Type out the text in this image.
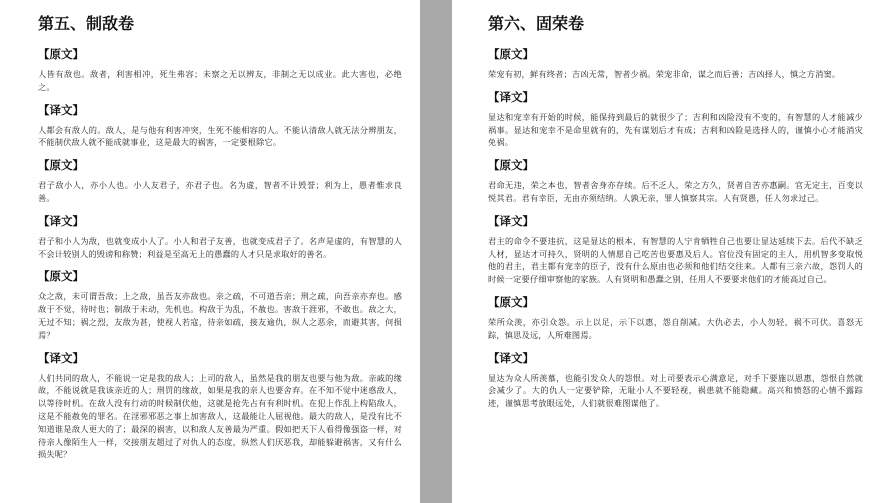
第五、制敌卷
【原文】
人皆有敌也。敌者，利害相冲，死生弗容；未察之无以辨友，非制之无以成业。此大害也，必绝之。
【译文】
人都会有敌人的。敌人，是与他有利害冲突，生死不能相容的人。不能认清敌人就无法分辨朋友，不能制伏敌人就不能成就事业，这是最大的祸害，一定要根除它。
【原文】
君子敌小人，亦小人也。小人友君子，亦君子也。名为虚，智者不计毁誉；利为上，愚者惟求良善。
【译文】
君子和小人为敌，也就变成小人了。小人和君子友善，也就变成君子了。名声是虚的，有智慧的人不会计较别人的毁谤和称赞；利益是至高无上的愚蠢的人才只是求取好的善名。
【原文】
众之敌，未可谓吾敌；上之敌，虽吾友亦敌也。亲之疏，不可道吾亲；刑之疏，向吾亲亦弃也。感敌于不觉，待时也；制敌于未动，先机也。构敌于为乱，不赦也。害敌于涯邪，不敢也。敌之大，无过不知；祸之烈，友敌为甚，使视人若寇，待亲如疏，接友逾仇，纵人之恶余，而避其害，何损焉？
【译文】
人们共同的敌人，不能说一定是我的敌人；上司的敌人，虽然是我的朋友也要与他为敌。亲戚的缘故，不能说就是我该亲近的人；刑罚的缘故，如果是我的亲人也要舍弃。在不知不觉中迷惑敌人，以等待时机。在敌人没有行动的时候制伏他，这就是抢先占有有利时机。在犯上作乱上构陷敌人，这是不能赦免的罪名。在淫邪邪恶之事上加害敌人，这最能让人屈视他。最大的敌人，是没有比不知道谁是敌人更大的了；最深的祸害，以和敌人友善最为严重。假如把天下人看得像强盗一样，对待亲人像陌生人一样，交接朋友超过了对仇人的态度，纵然人们厌恶我，却能躲避祸害，又有什么损失呢？
第六、固荣卷
【原文】
荣宠有初，鲜有终者；吉凶无常，智者少祸。荣宠非命，谋之而后善；吉凶择人，慎之方消窦。
【译文】
显达和宠幸有开始的时候，能保持到最后的就很少了；吉利和凶险没有不变的，有智慧的人才能减少祸事。显达和宠幸不是命里就有的，先有谋划后才有成；吉利和凶险是选择人的，谨慎小心才能消灾免祸。
【原文】
君命无违，荣之本也，智者舍身亦存续。后不乏人，荣之方久，贤者自苦亦惠嗣。官无定主，百变以悦其君。君有幸臣，无由亦须结纳。人孰无亲，罪人慎察其宗。人有贤愚，任人勿求过己。
【译文】
君主的命令不要违抗，这是显达的根本，有智慧的人宁肯牺牲自己也要让显达延续下去。后代不缺乏人材，显达才可持久，贤明的人情愿自己吃苦也要惠及后人。官位没有固定的主人，用机智多变取悦他的君主，君主都有宠幸的臣子，没有什么原由也必须和他们结交往来。人都有三亲六故，怨罚人的时候一定要仔细审察他的家族。人有贤明和愚蠢之别，任用人不要要求他们的才能高过自己。
【原文】
荣所众羡，亦引众怨。示上以足，示下以惠，怨自削减。大仇必去，小人勿轻，祸不可伏。喜怒无踪，慎思及远，人所难图焉。
【译文】
显达为众人所羡慕，也能引发众人的怨恨。对上司要表示心满意足，对手下要施以恩惠，怨恨自然就会减少了。大的仇人一定要铲除，无耻小人不要轻视，祸患就不能隐藏。高兴和愤怒的心情不露踪迹，谨慎思考放眼远处，人们就很难图谋他了。
